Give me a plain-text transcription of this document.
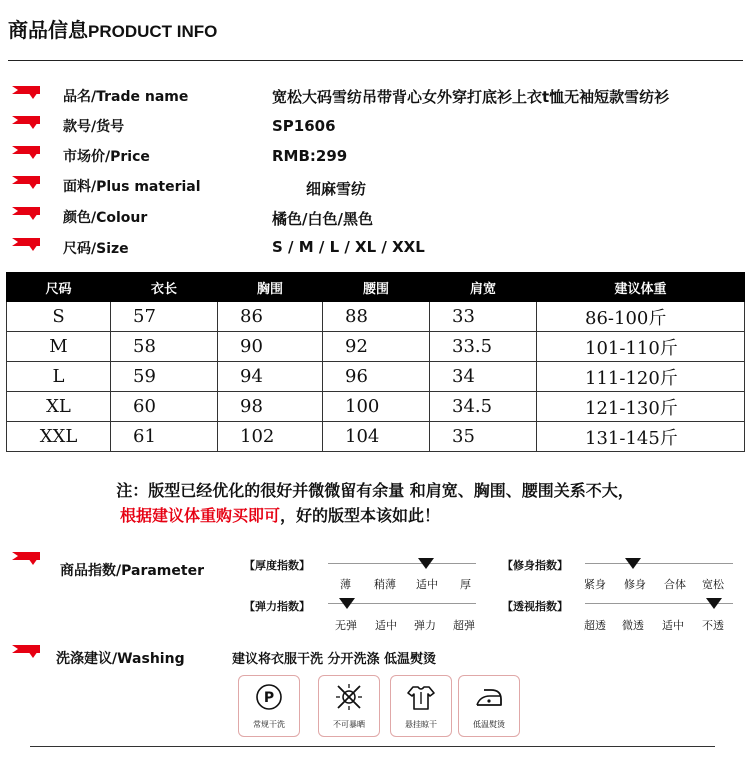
商品信息PRODUCT INFO
品名/Trade name	宽松大码雪纺吊带背心女外穿打底衫上衣t恤无袖短款雪纺衫
款号/货号	SP1606
市场价/Price	RMB:299
面料/Plus material	细麻雪纺
颜色/Colour	橘色/白色/黑色
尺码/Size	S / M / L / XL / XXL
尺码	衣长	胸围	腰围	肩宽	建议体重
S	57	86	88	33	86-100斤
M	58	90	92	33.5	101-110斤
L	59	94	96	34	111-120斤
XL	60	98	100	34.5	121-130斤
XXL	61	102	104	35	131-145斤
注：版型已经优化的很好并微微留有余量 和肩宽、胸围、腰围关系不大，
根据建议体重购买即可，好的版型本该如此！
商品指数/Parameter	【厚度指数】
薄 稍薄 适中 厚
【修身指数】
紧身 修身 合体 宽松
【弹力指数】
无弹 适中 弹力 超弹
【透视指数】
超透 微透 适中 不透
洗涤建议/Washing	建议将衣服干洗 分开洗涤 低温熨烫
P
常规干洗	不可暴晒	悬挂晾干	低温熨烫
